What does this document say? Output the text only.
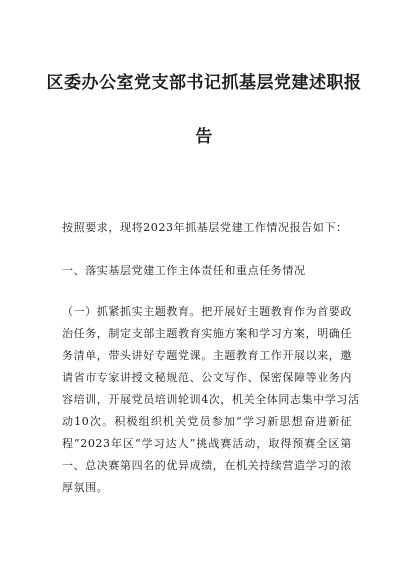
区委办公室党支部书记抓基层党建述职报
告
按照要求，现将2023年抓基层党建工作情况报告如下：
一、落实基层党建工作主体责任和重点任务情况
（一）抓紧抓实主题教育。把开展好主题教育作为首要政
治任务，制定支部主题教育实施方案和学习方案，明确任
务清单，带头讲好专题党课。主题教育工作开展以来，邀
请省市专家讲授文秘规范、公文写作、保密保障等业务内
容培训，开展党员培训轮训4次，机关全体同志集中学习活
动10次。积极组织机关党员参加“学习新思想奋进新征
程”2023年区“学习达人”挑战赛活动，取得预赛全区第
一、总决赛第四名的优异成绩，在机关持续营造学习的浓
厚氛围。
